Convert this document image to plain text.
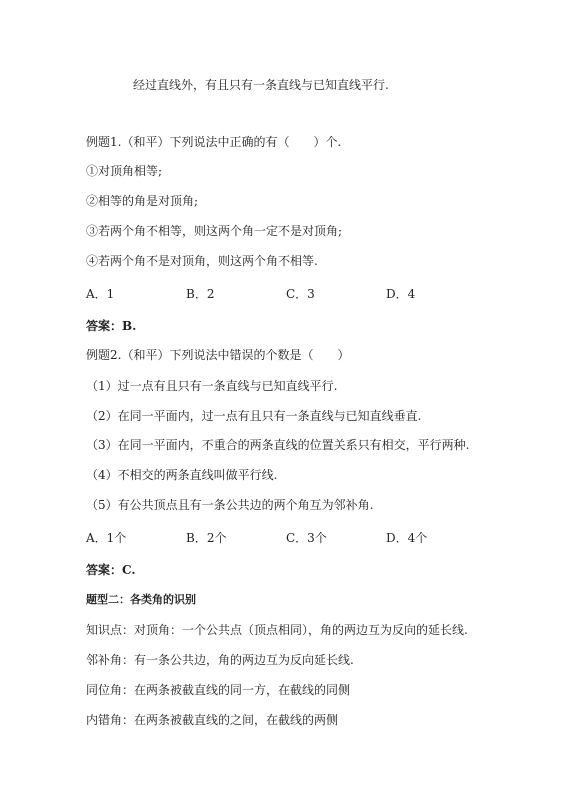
经过直线外，有且只有一条直线与已知直线平行.
例题1.（和平）下列说法中正确的有（　　）个.
①对顶角相等;
②相等的角是对顶角;
③若两个角不相等，则这两个角一定不是对顶角;
④若两个角不是对顶角，则这两个角不相等.
A．1	B．2	C．3	D．4
答案：B.
例题2.（和平）下列说法中错误的个数是（　　）
（1）过一点有且只有一条直线与已知直线平行.
（2）在同一平面内，过一点有且只有一条直线与已知直线垂直.
（3）在同一平面内，不重合的两条直线的位置关系只有相交，平行两种.
（4）不相交的两条直线叫做平行线.
（5）有公共顶点且有一条公共边的两个角互为邻补角.
A．1个	B．2个	C．3个	D．4个
答案：C.
题型二：各类角的识别
知识点：对顶角：一个公共点（顶点相同），角的两边互为反向的延长线.
邻补角：有一条公共边，角的两边互为反向延长线.
同位角：在两条被截直线的同一方，在截线的同侧
内错角：在两条被截直线的之间，在截线的两侧
